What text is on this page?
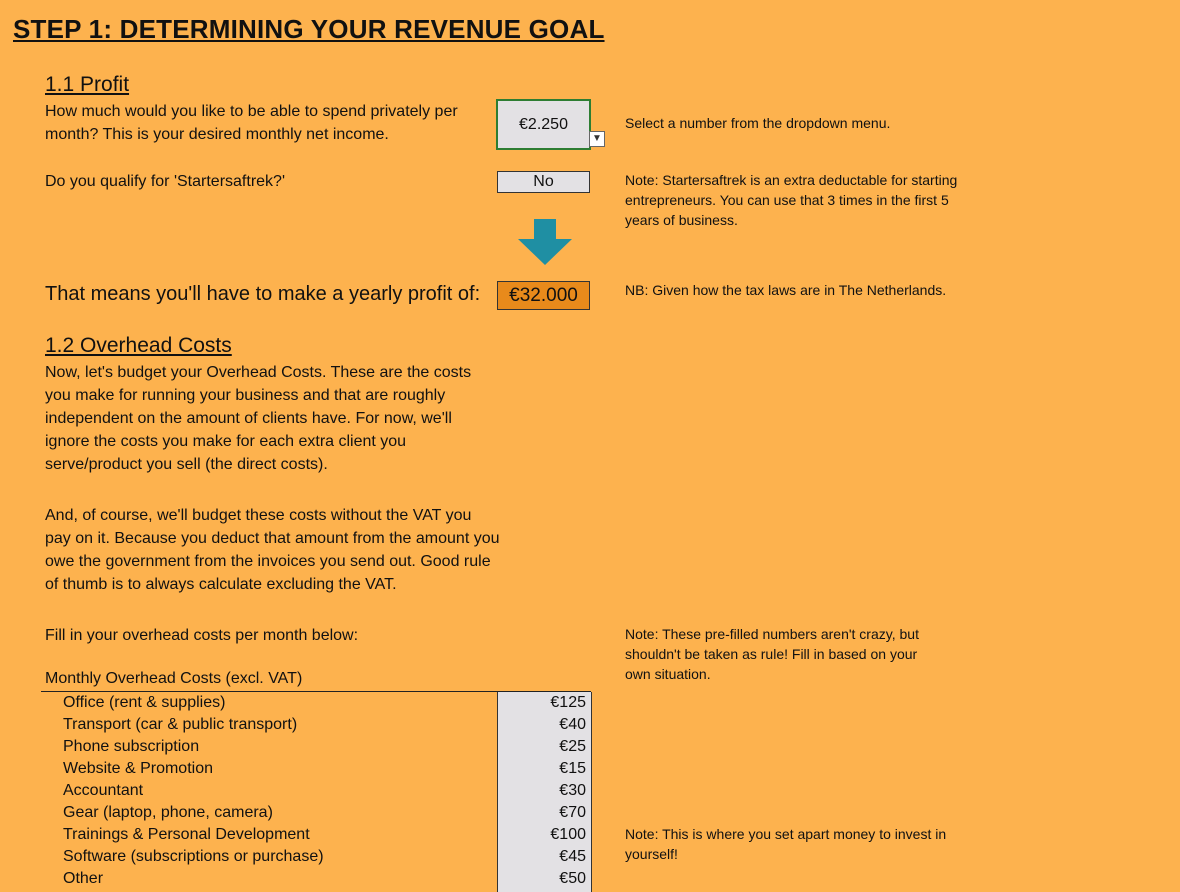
STEP 1: DETERMINING YOUR REVENUE GOAL
1.1 Profit
How much would you like to be able to spend privately per month? This is your desired monthly net income.
€2.250
▼
Select a number from the dropdown menu.
Do you qualify for 'Startersaftrek?'	No	Note: Startersaftrek is an extra deductable for starting entrepreneurs. You can use that 3 times in the first 5 years of business.
That means you'll have to make a yearly profit of:	€32.000	NB: Given how the tax laws are in The Netherlands.
1.2 Overhead Costs
Now, let's budget your Overhead Costs. These are the costs you make for running your business and that are roughly independent on the amount of clients have. For now, we'll ignore the costs you make for each extra client you serve/product you sell (the direct costs).
And, of course, we'll budget these costs without the VAT you pay on it. Because you deduct that amount from the amount you owe the government from the invoices you send out. Good rule of thumb is to always calculate excluding the VAT.
Fill in your overhead costs per month below:	Note: These pre-filled numbers aren't crazy, but shouldn't be taken as rule! Fill in based on your own situation.
Monthly Overhead Costs (excl. VAT)
Office (rent & supplies)	€125
Transport (car & public transport)	€40
Phone subscription	€25
Website & Promotion	€15
Accountant	€30
Gear (laptop, phone, camera)	€70
Trainings & Personal Development	€100
Software (subscriptions or purchase)	€45
Other	€50
Note: This is where you set apart money to invest in yourself!
